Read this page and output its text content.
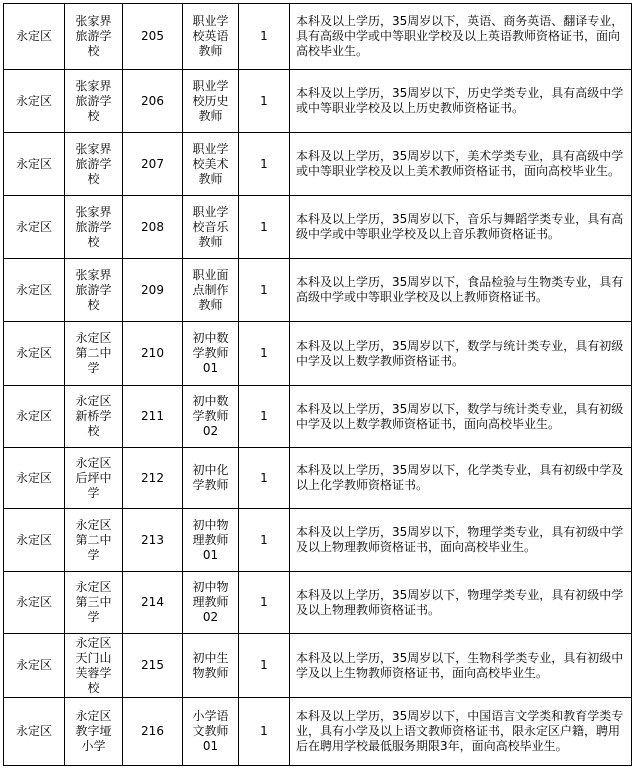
永定区	张家界旅游学校	205	职业学校英语教师	1	本科及以上学历，35周岁以下，英语、商务英语、翻译专业，具有高级中学或中等职业学校及以上英语教师资格证书，面向高校毕业生。
永定区	张家界旅游学校	206	职业学校历史教师	1	本科及以上学历，35周岁以下，历史学类专业，具有高级中学或中等职业学校及以上历史教师资格证书。
永定区	张家界旅游学校	207	职业学校美术教师	1	本科及以上学历，35周岁以下，美术学类专业，具有高级中学或中等职业学校及以上美术教师资格证书，面向高校毕业生。
永定区	张家界旅游学校	208	职业学校音乐教师	1	本科及以上学历，35周岁以下，音乐与舞蹈学类专业，具有高级中学或中等职业学校及以上音乐教师资格证书。
永定区	张家界旅游学校	209	职业面点制作教师	1	本科及以上学历，35周岁以下，食品检验与生物类专业，具有高级中学或中等职业学校及以上教师资格证书。
永定区	永定区第二中学	210	初中数学教师01	1	本科及以上学历，35周岁以下，数学与统计类专业，具有初级中学及以上数学教师资格证书。
永定区	永定区新桥学校	211	初中数学教师02	1	本科及以上学历，35周岁以下，数学与统计类专业，具有初级中学及以上数学教师资格证书，面向高校毕业生。
永定区	永定区后坪中学	212	初中化学教师	1	本科及以上学历，35周岁以下，化学类专业，具有初级中学及以上化学教师资格证书。
永定区	永定区第二中学	213	初中物理教师01	1	本科及以上学历，35周岁以下，物理学类专业，具有初级中学及以上物理教师资格证书，面向高校毕业生。
永定区	永定区第三中学	214	初中物理教师02	1	本科及以上学历，35周岁以下，物理学类专业，具有初级中学及以上物理教师资格证书。
永定区	永定区天门山芙蓉学校	215	初中生物教师	1	本科及以上学历，35周岁以下，生物科学类专业，具有初级中学及以上生物教师资格证书，面向高校毕业生。
永定区	永定区教字垭小学	216	小学语文教师01	1	本科及以上学历，35周岁以下，中国语言文学类和教育学类专业，具有小学及以上语文教师资格证书，限永定区户籍，聘用后在聘用学校最低服务期限3年，面向高校毕业生。
